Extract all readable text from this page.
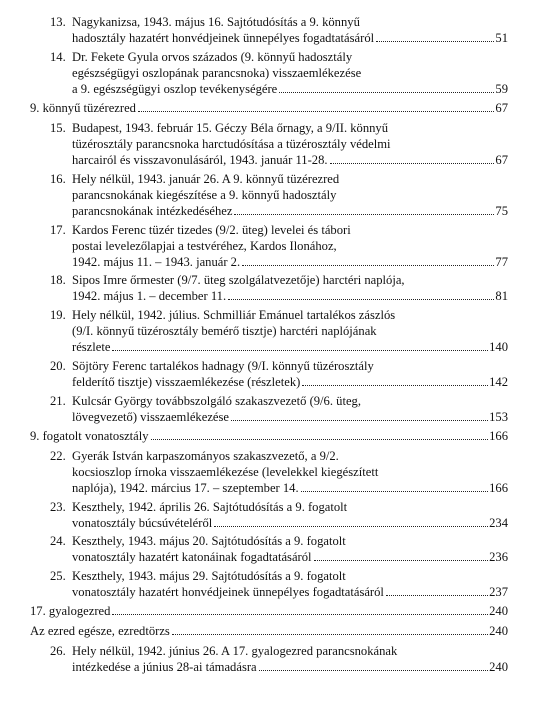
13. Nagykanizsa, 1943. május 16. Sajtótudósítás a 9. könnyű
hadosztály hazatért honvédjeinek ünnepélyes fogadtatásáról	51
14. Dr. Fekete Gyula orvos százados (9. könnyű hadosztály
egészségügyi oszlopának parancsnoka) visszaemlékezése
a 9. egészségügyi oszlop tevékenységére	59
9. könnyű tüzérezred	67
15. Budapest, 1943. február 15. Géczy Béla őrnagy, a 9/II. könnyű
tüzérosztály parancsnoka harctudósítása a tüzérosztály védelmi
harcairól és visszavonulásáról, 1943. január 11-28.	67
16. Hely nélkül, 1943. január 26. A 9. könnyű tüzérezred
parancsnokának kiegészítése a 9. könnyű hadosztály
parancsnokának intézkedéséhez	75
17. Kardos Ferenc tüzér tizedes (9/2. üteg) levelei és tábori
postai levelezőlapjai a testvéréhez, Kardos Ilonához,
1942. május 11. – 1943. január 2.	77
18. Sipos Imre őrmester (9/7. üteg szolgálatvezetője) harctéri naplója,
1942. május 1. – december 11.	81
19. Hely nélkül, 1942. július. Schmilliár Emánuel tartalékos zászlós
(9/I. könnyű tüzérosztály bemérő tisztje) harctéri naplójának
részlete	140
20. Söjtöry Ferenc tartalékos hadnagy (9/I. könnyű tüzérosztály
felderítő tisztje) visszaemlékezése (részletek)	142
21. Kulcsár György továbbszolgáló szakaszvezető (9/6. üteg,
lövegvezető) visszaemlékezése	153
9. fogatolt vonatosztály	166
22. Gyerák István karpaszományos szakaszvezető, a 9/2.
kocsioszlop írnoka visszaemlékezése (levelekkel kiegészített
naplója), 1942. március 17. – szeptember 14.	166
23. Keszthely, 1942. április 26. Sajtótudósítás a 9. fogatolt
vonatosztály búcsúvételéről	234
24. Keszthely, 1943. május 20. Sajtótudósítás a 9. fogatolt
vonatosztály hazatért katonáinak fogadtatásáról	236
25. Keszthely, 1943. május 29. Sajtótudósítás a 9. fogatolt
vonatosztály hazatért honvédjeinek ünnepélyes fogadtatásáról	237
17. gyalogezred	240
Az ezred egésze, ezredtörzs	240
26. Hely nélkül, 1942. június 26. A 17. gyalogezred parancsnokának
intézkedése a június 28-ai támadásra	240
